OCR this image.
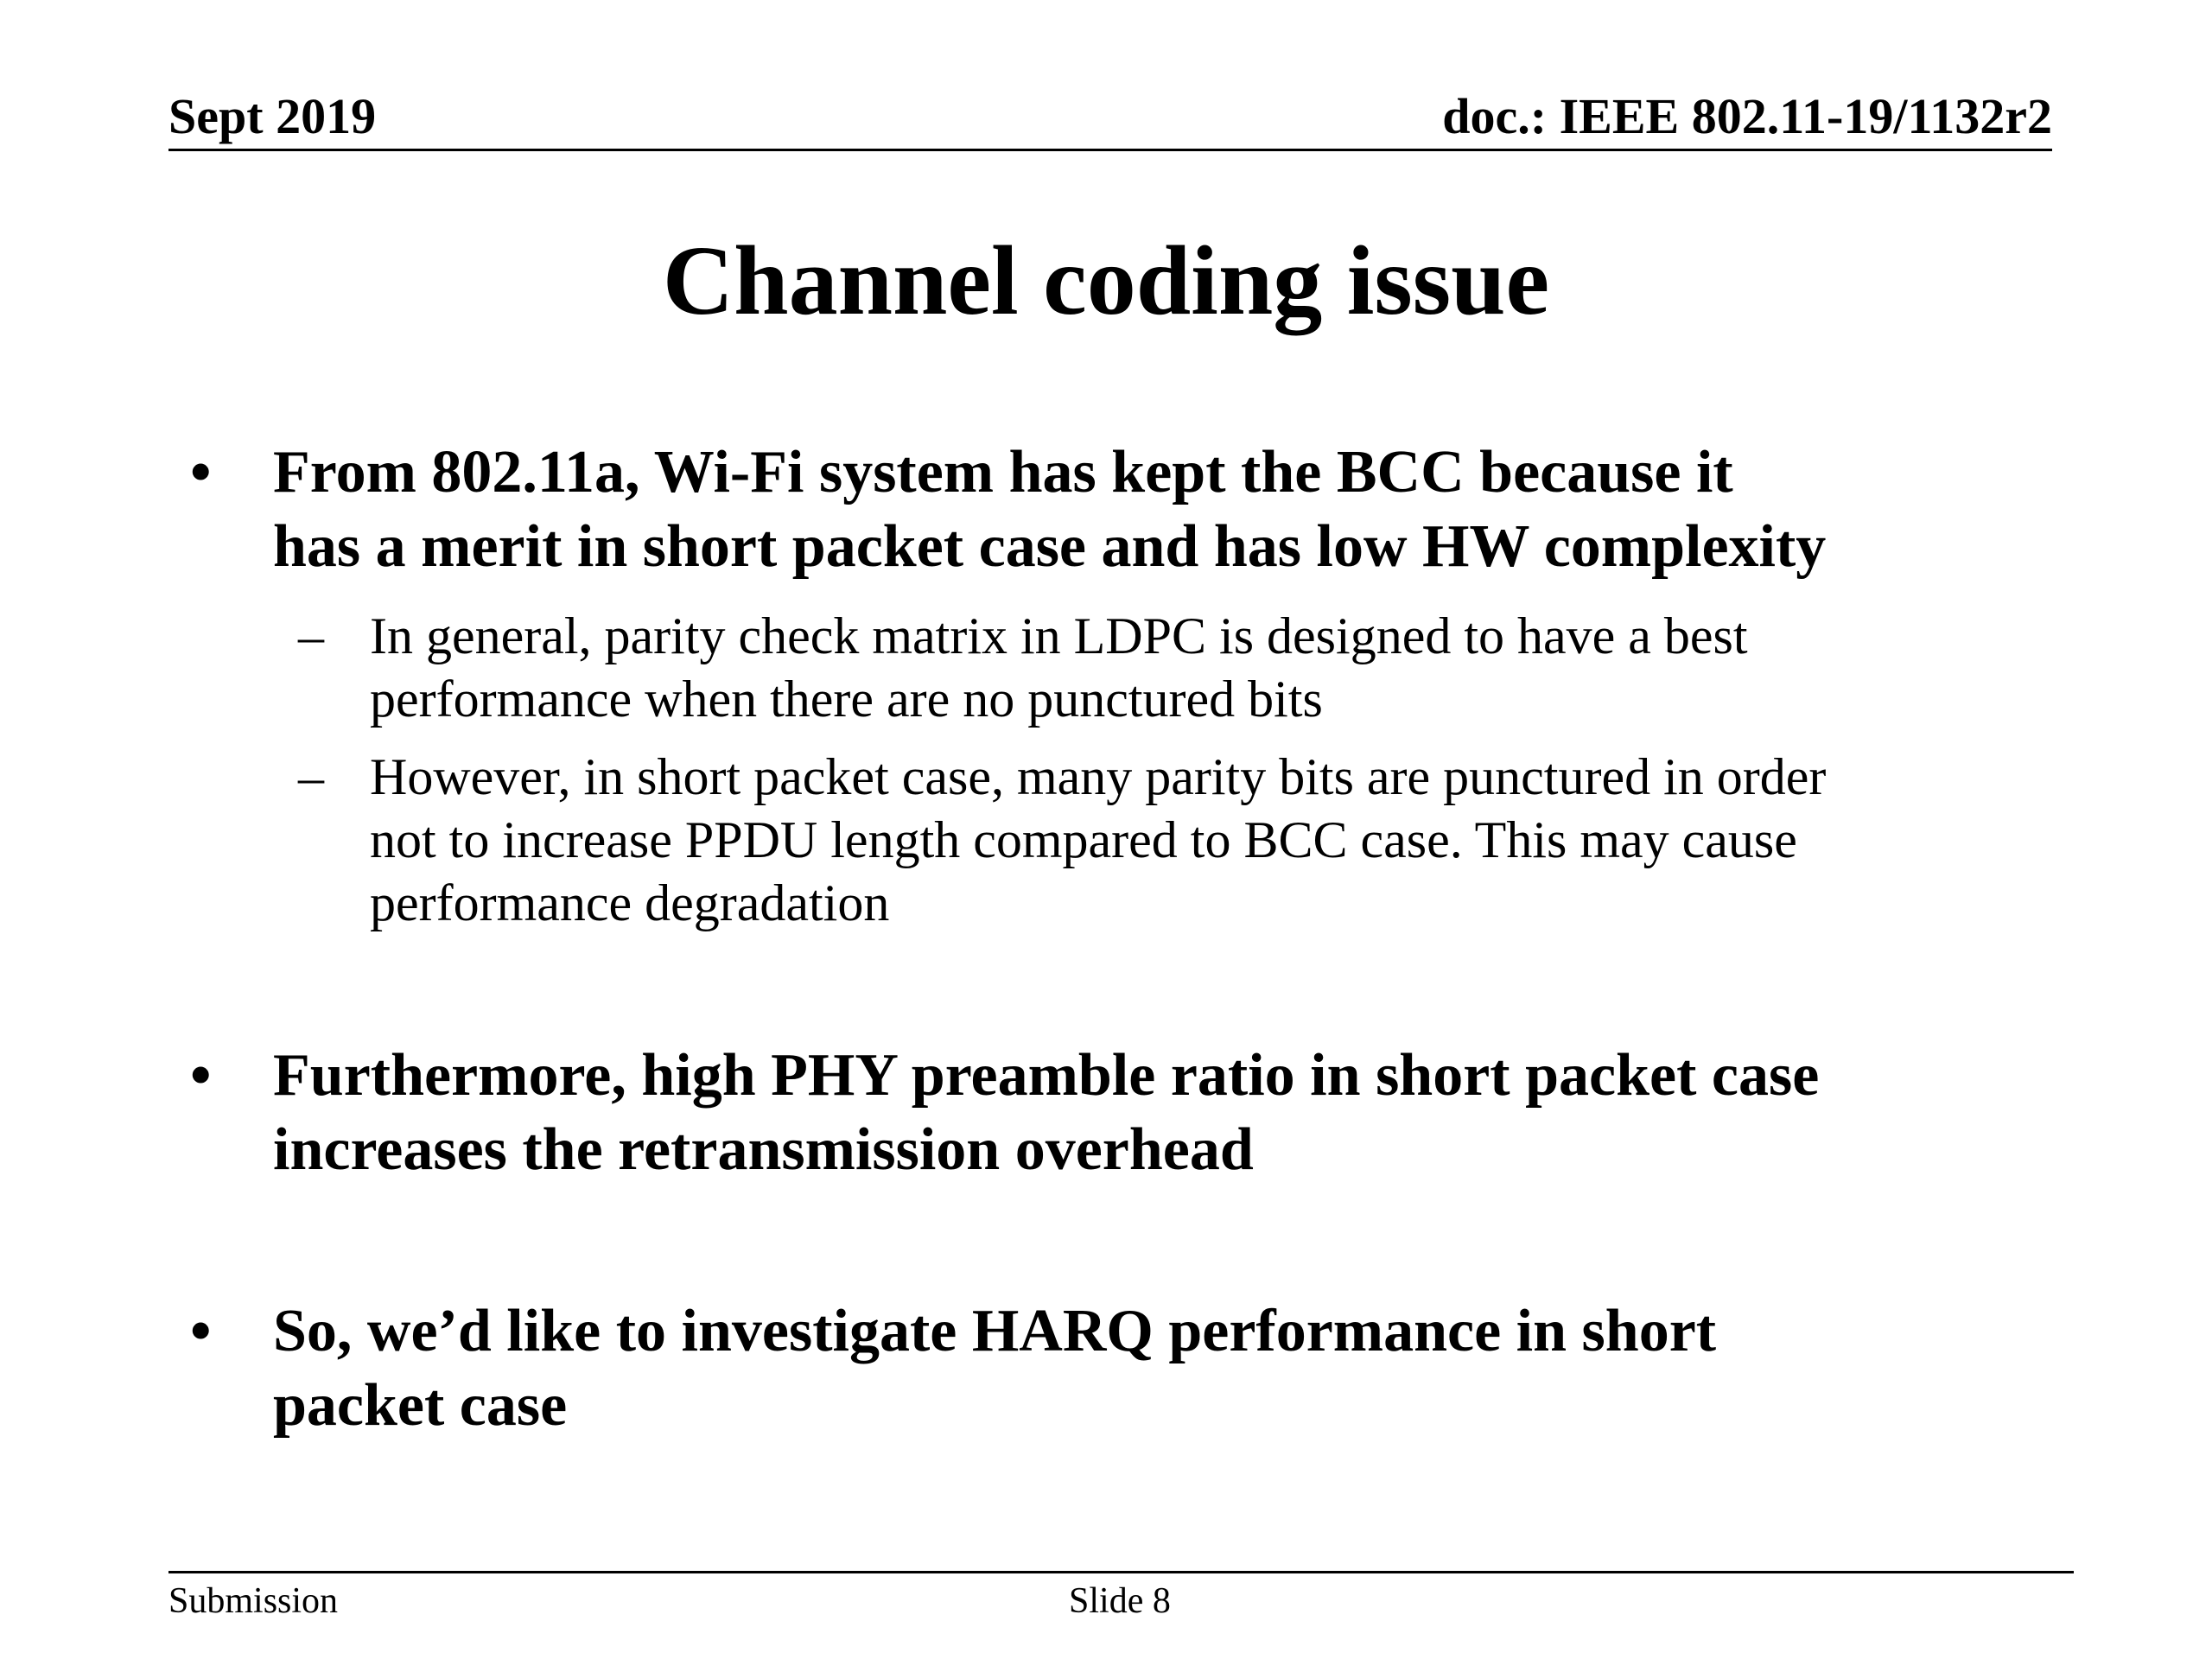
Sept 2019	doc.: IEEE 802.11-19/1132r2
Channel coding issue
• From 802.11a, Wi-Fi system has kept the BCC because it
has a merit in short packet case and has low HW complexity
– In general, parity check matrix in LDPC is designed to have a best
performance when there are no punctured bits
– However, in short packet case, many parity bits are punctured in order
not to increase PPDU length compared to BCC case. This may cause
performance degradation
• Furthermore, high PHY preamble ratio in short packet case
increases the retransmission overhead
• So, we’d like to investigate HARQ performance in short
packet case
Submission	Slide 8
